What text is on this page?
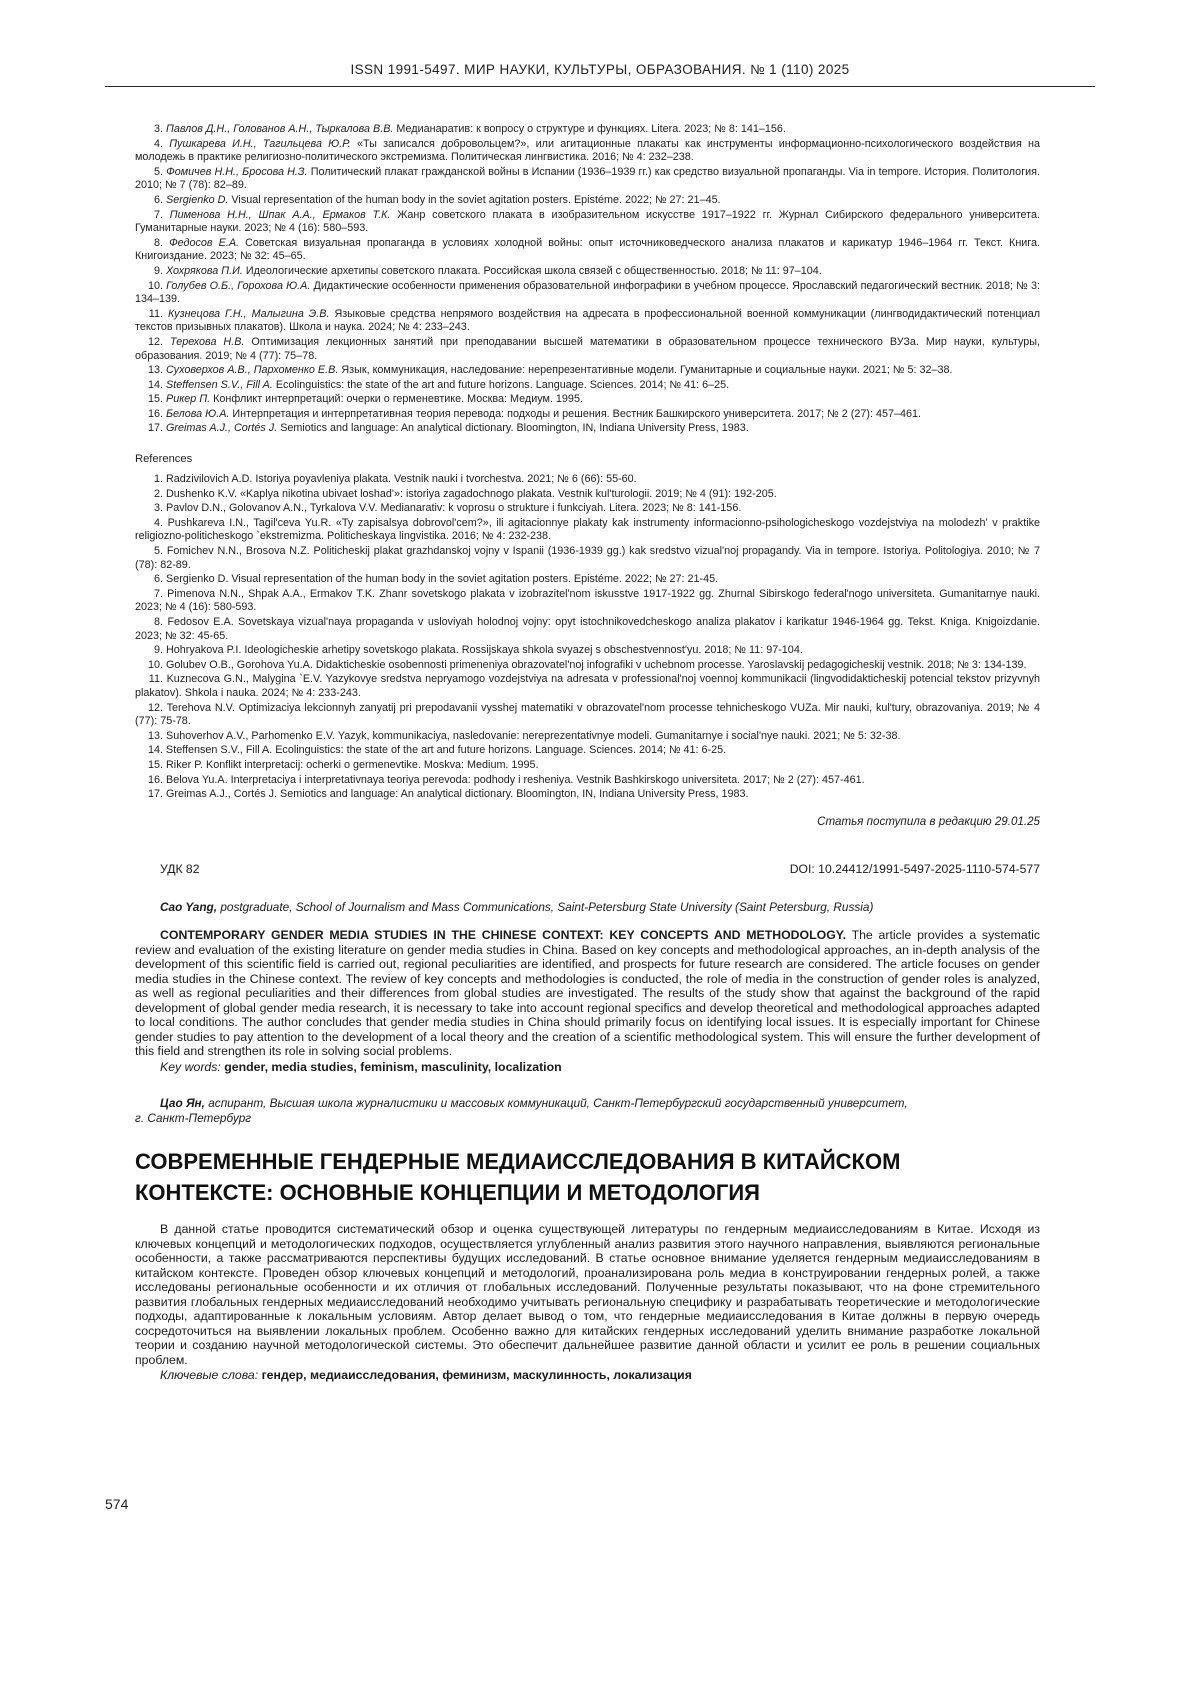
ISSN 1991-5497. МИР НАУКИ, КУЛЬТУРЫ, ОБРАЗОВАНИЯ. № 1 (110) 2025
3. Павлов Д.Н., Голованов А.Н., Тыркалова В.В. Медианаратив: к вопросу о структуре и функциях. Litera. 2023; № 8: 141–156.
4. Пушкарева И.Н., Тагильцева Ю.Р. «Ты записался добровольцем?», или агитационные плакаты как инструменты информационно-психологического воздействия на молодежь в практике религиозно-политического экстремизма. Политическая лингвистика. 2016; № 4: 232–238.
5. Фомичев Н.Н., Бросова Н.З. Политический плакат гражданской войны в Испании (1936–1939 гг.) как средство визуальной пропаганды. Via in tempore. История. Политология. 2010; № 7 (78): 82–89.
6. Sergienko D. Visual representation of the human body in the soviet agitation posters. Epistéme. 2022; № 27: 21–45.
7. Пименова Н.Н., Шпак А.А., Ермаков Т.К. Жанр советского плаката в изобразительном искусстве 1917–1922 гг. Журнал Сибирского федерального университета. Гуманитарные науки. 2023; № 4 (16): 580–593.
8. Федосов Е.А. Советская визуальная пропаганда в условиях холодной войны: опыт источниковедческого анализа плакатов и карикатур 1946–1964 гг. Текст. Книга. Книгоиздание. 2023; № 32: 45–65.
9. Хохрякова П.И. Идеологические архетипы советского плаката. Российская школа связей с общественностью. 2018; № 11: 97–104.
10. Голубев О.Б., Горохова Ю.А. Дидактические особенности применения образовательной инфографики в учебном процессе. Ярославский педагогический вестник. 2018; № 3: 134–139.
11. Кузнецова Г.Н., Малыгина Э.В. Языковые средства непрямого воздействия на адресата в профессиональной военной коммуникации (лингводидактический потенциал текстов призывных плакатов). Школа и наука. 2024; № 4: 233–243.
12. Терехова Н.В. Оптимизация лекционных занятий при преподавании высшей математики в образовательном процессе технического ВУЗа. Мир науки, культуры, образования. 2019; № 4 (77): 75–78.
13. Суховерхов А.В., Пархоменко Е.В. Язык, коммуникация, наследование: нерепрезентативные модели. Гуманитарные и социальные науки. 2021; № 5: 32–38.
14. Steffensen S.V., Fill A. Ecolinguistics: the state of the art and future horizons. Language. Sciences. 2014; № 41: 6–25.
15. Рикер П. Конфликт интерпретаций: очерки о герменевтике. Москва: Медиум. 1995.
16. Белова Ю.А. Интерпретация и интерпретативная теория перевода: подходы и решения. Вестник Башкирского университета. 2017; № 2 (27): 457–461.
17. Greimas A.J., Cortés J. Semiotics and language: An analytical dictionary. Bloomington, IN, Indiana University Press, 1983.
References
1. Radzivilovich A.D. Istoriya poyavleniya plakata. Vestnik nauki i tvorchestva. 2021; № 6 (66): 55-60.
2. Dushenko K.V. «Kaplya nikotina ubivaet loshad'»: istoriya zagadochnogo plakata. Vestnik kul'turologii. 2019; № 4 (91): 192-205.
3. Pavlov D.N., Golovanov A.N., Tyrkalova V.V. Medianarativ: k voprosu o strukture i funkciyah. Litera. 2023; № 8: 141-156.
4. Pushkareva I.N., Tagil'ceva Yu.R. «Ty zapisalsya dobrovol'cem?», ili agitacionnye plakaty kak instrumenty informacionno-psihologicheskogo vozdejstviya na molodezh' v praktike religiozno-politicheskogo `ekstremizma. Politicheskaya lingvistika. 2016; № 4: 232-238.
5. Fomichev N.N., Brosova N.Z. Politicheskij plakat grazhdanskoj vojny v Ispanii (1936-1939 gg.) kak sredstvo vizual'noj propagandy. Via in tempore. Istoriya. Politologiya. 2010; № 7 (78): 82-89.
6. Sergienko D. Visual representation of the human body in the soviet agitation posters. Epistéme. 2022; № 27: 21-45.
7. Pimenova N.N., Shpak A.A., Ermakov T.K. Zhanr sovetskogo plakata v izobrazitel'nom iskusstve 1917-1922 gg. Zhurnal Sibirskogo federal'nogo universiteta. Gumanitarnye nauki. 2023; № 4 (16): 580-593.
8. Fedosov E.A. Sovetskaya vizual'naya propaganda v usloviyah holodnoj vojny: opyt istochnikovedcheskogo analiza plakatov i karikatur 1946-1964 gg. Tekst. Kniga. Knigoizdanie. 2023; № 32: 45-65.
9. Hohryakova P.I. Ideologicheskie arhetipy sovetskogo plakata. Rossijskaya shkola svyazej s obschestvennost'yu. 2018; № 11: 97-104.
10. Golubev O.B., Gorohova Yu.A. Didakticheskie osobennosti primeneniya obrazovatel'noj infografiki v uchebnom processe. Yaroslavskij pedagogicheskij vestnik. 2018; № 3: 134-139.
11. Kuznecova G.N., Malygina `E.V. Yazykovye sredstva nepryamogo vozdejstviya na adresata v professional'noj voennoj kommunikacii (lingvodidakticheskij potencial tekstov prizyvnyh plakatov). Shkola i nauka. 2024; № 4: 233-243.
12. Terehova N.V. Optimizaciya lekcionnyh zanyatij pri prepodavanii vysshej matematiki v obrazovatel'nom processe tehnicheskogo VUZa. Mir nauki, kul'tury, obrazovaniya. 2019; № 4 (77): 75-78.
13. Suhoverhov A.V., Parhomenko E.V. Yazyk, kommunikaciya, nasledovanie: nereprezentativnye modeli. Gumanitarnye i social'nye nauki. 2021; № 5: 32-38.
14. Steffensen S.V., Fill A. Ecolinguistics: the state of the art and future horizons. Language. Sciences. 2014; № 41: 6-25.
15. Riker P. Konflikt interpretacij: ocherki o germenevtike. Moskva: Medium. 1995.
16. Belova Yu.A. Interpretaciya i interpretativnaya teoriya perevoda: podhody i resheniya. Vestnik Bashkirskogo universiteta. 2017; № 2 (27): 457-461.
17. Greimas A.J., Cortés J. Semiotics and language: An analytical dictionary. Bloomington, IN, Indiana University Press, 1983.
Статья поступила в редакцию 29.01.25
УДК 82	DOI: 10.24412/1991-5497-2025-1110-574-577
Cao Yang, postgraduate, School of Journalism and Mass Communications, Saint-Petersburg State University (Saint Petersburg, Russia)

CONTEMPORARY GENDER MEDIA STUDIES IN THE CHINESE CONTEXT: KEY CONCEPTS AND METHODOLOGY. The article provides a systematic review and evaluation of the existing literature on gender media studies in China. Based on key concepts and methodological approaches, an in-depth analysis of the development of this scientific field is carried out, regional peculiarities are identified, and prospects for future research are considered. The article focuses on gender media studies in the Chinese context. The review of key concepts and methodologies is conducted, the role of media in the construction of gender roles is analyzed, as well as regional peculiarities and their differences from global studies are investigated. The results of the study show that against the background of the rapid development of global gender media research, it is necessary to take into account regional specifics and develop theoretical and methodological approaches adapted to local conditions. The author concludes that gender media studies in China should primarily focus on identifying local issues. It is especially important for Chinese gender studies to pay attention to the development of a local theory and the creation of a scientific methodological system. This will ensure the further development of this field and strengthen its role in solving social problems.

Key words: gender, media studies, feminism, masculinity, localization
Цао Ян, аспирант, Высшая школа журналистики и массовых коммуникаций, Санкт-Петербургский государственный университет,
г. Санкт-Петербург
СОВРЕМЕННЫЕ ГЕНДЕРНЫЕ МЕДИАИССЛЕДОВАНИЯ В КИТАЙСКОМ КОНТЕКСТЕ: ОСНОВНЫЕ КОНЦЕПЦИИ И МЕТОДОЛОГИЯ

В данной статье проводится систематический обзор и оценка существующей литературы по гендерным медиаисследованиям в Китае. Исходя из ключевых концепций и методологических подходов, осуществляется углубленный анализ развития этого научного направления, выявляются региональные особенности, а также рассматриваются перспективы будущих исследований. В статье основное внимание уделяется гендерным медиаисследованиям в китайском контексте. Проведен обзор ключевых концепций и методологий, проанализирована роль медиа в конструировании гендерных ролей, а также исследованы региональные особенности и их отличия от глобальных исследований. Полученные результаты показывают, что на фоне стремительного развития глобальных гендерных медиаисследований необходимо учитывать региональную специфику и разрабатывать теоретические и методологические подходы, адаптированные к локальным условиям. Автор делает вывод о том, что гендерные медиаисследования в Китае должны в первую очередь сосредоточиться на выявлении локальных проблем. Особенно важно для китайских гендерных исследований уделить внимание разработке локальной теории и созданию научной методологической системы. Это обеспечит дальнейшее развитие данной области и усилит ее роль в решении социальных проблем.

Ключевые слова: гендер, медиаисследования, феминизм, маскулинность, локализация
574
